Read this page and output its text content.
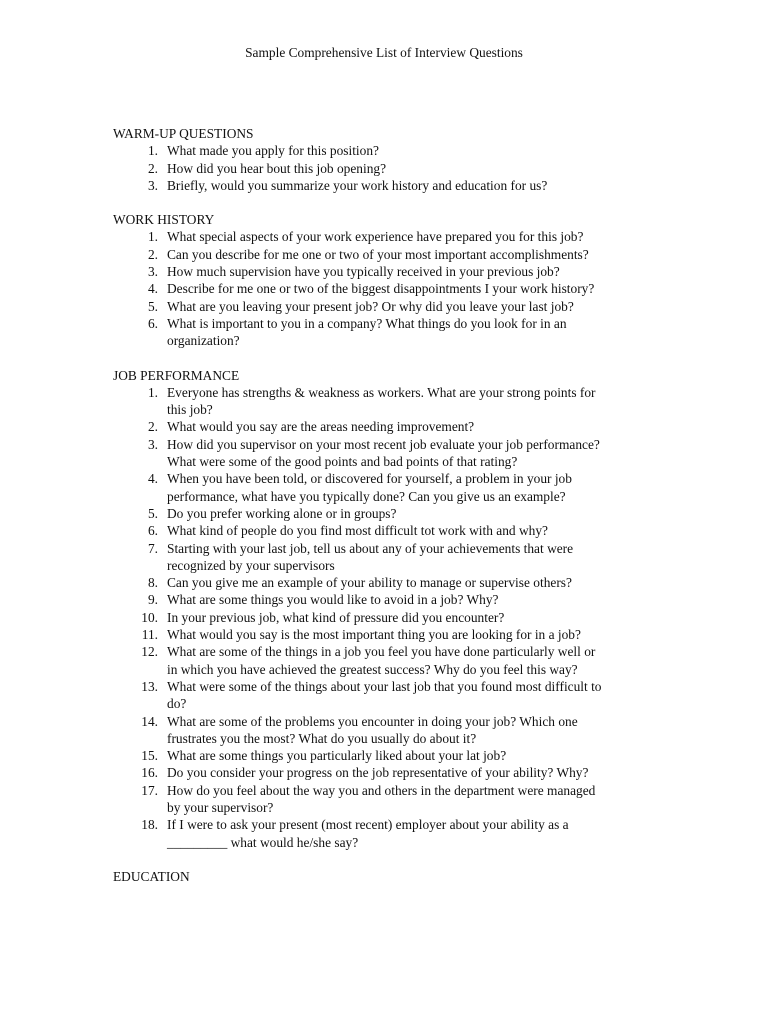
Sample Comprehensive List of Interview Questions
WARM-UP QUESTIONS
1. What made you apply for this position?
2. How did you hear bout this job opening?
3. Briefly, would you summarize your work history and education for us?
WORK HISTORY
1. What special aspects of your work experience have prepared you for this job?
2. Can you describe for me one or two of your most important accomplishments?
3. How much supervision have you typically received in your previous job?
4. Describe for me one or two of the biggest disappointments I your work history?
5. What are you leaving your present job? Or why did you leave your last job?
6. What is important to you in a company? What things do you look for in an
organization?
JOB PERFORMANCE
1. Everyone has strengths & weakness as workers. What are your strong points for
this job?
2. What would you say are the areas needing improvement?
3. How did you supervisor on your most recent job evaluate your job performance?
What were some of the good points and bad points of that rating?
4. When you have been told, or discovered for yourself, a problem in your job
performance, what have you typically done? Can you give us an example?
5. Do you prefer working alone or in groups?
6. What kind of people do you find most difficult tot work with and why?
7. Starting with your last job, tell us about any of your achievements that were
recognized by your supervisors
8. Can you give me an example of your ability to manage or supervise others?
9. What are some things you would like to avoid in a job? Why?
10. In your previous job, what kind of pressure did you encounter?
11. What would you say is the most important thing you are looking for in a job?
12. What are some of the things in a job you feel you have done particularly well or
in which you have achieved the greatest success? Why do you feel this way?
13. What were some of the things about your last job that you found most difficult to
do?
14. What are some of the problems you encounter in doing your job? Which one
frustrates you the most? What do you usually do about it?
15. What are some things you particularly liked about your lat job?
16. Do you consider your progress on the job representative of your ability? Why?
17. How do you feel about the way you and others in the department were managed
by your supervisor?
18. If I were to ask your present (most recent) employer about your ability as a
_________ what would he/she say?
EDUCATION
